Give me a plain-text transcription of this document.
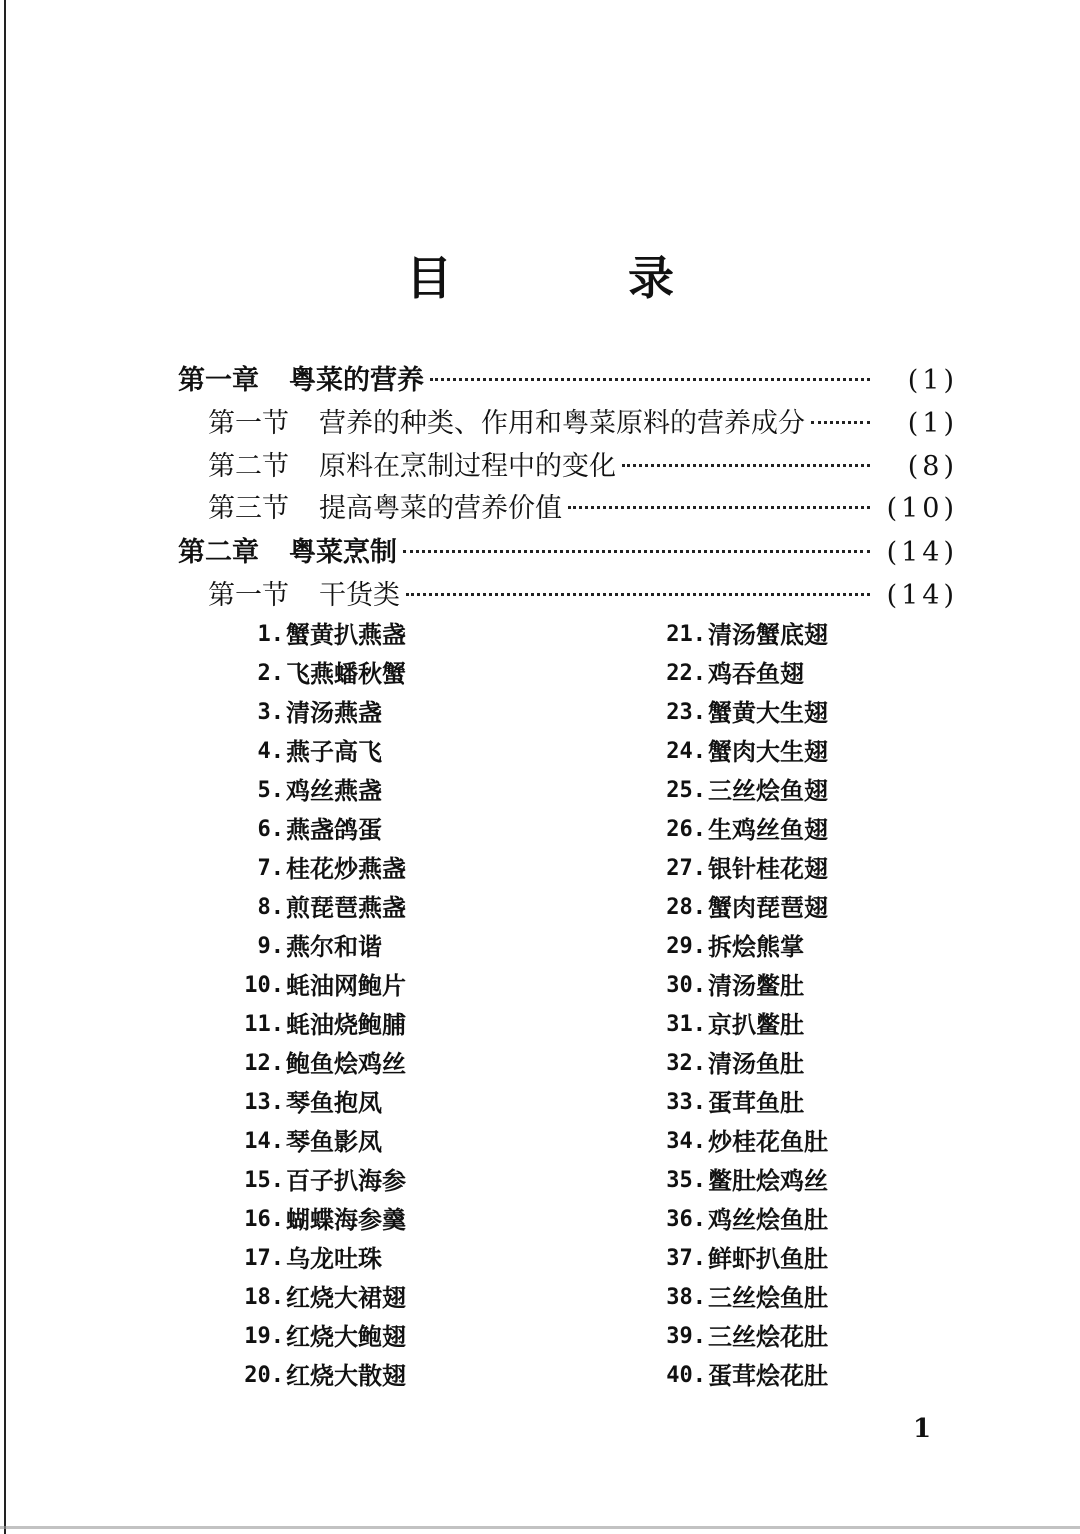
目 录
第一章 粤菜的营养	(1)
第一节 营养的种类、作用和粤菜原料的营养成分	(1)
第二节 原料在烹制过程中的变化	(8)
第三节 提高粤菜的营养价值	(10)
第二章 粤菜烹制	(14)
第一节 干货类	(14)
1. 蟹黄扒燕盏
2. 飞燕蟠秋蟹
3. 清汤燕盏
4. 燕子高飞
5. 鸡丝燕盏
6. 燕盏鸽蛋
7. 桂花炒燕盏
8. 煎琵琶燕盏
9. 燕尔和谐
10. 蚝油网鲍片
11. 蚝油烧鲍脯
12. 鲍鱼烩鸡丝
13. 琴鱼抱凤
14. 琴鱼影凤
15. 百子扒海参
16. 蝴蝶海参羹
17. 乌龙吐珠
18. 红烧大裙翅
19. 红烧大鲍翅
20. 红烧大散翅
21. 清汤蟹底翅
22. 鸡吞鱼翅
23. 蟹黄大生翅
24. 蟹肉大生翅
25. 三丝烩鱼翅
26. 生鸡丝鱼翅
27. 银针桂花翅
28. 蟹肉琵琶翅
29. 拆烩熊掌
30. 清汤鳖肚
31. 京扒鳖肚
32. 清汤鱼肚
33. 蛋茸鱼肚
34. 炒桂花鱼肚
35. 鳖肚烩鸡丝
36. 鸡丝烩鱼肚
37. 鲜虾扒鱼肚
38. 三丝烩鱼肚
39. 三丝烩花肚
40. 蛋茸烩花肚
1
